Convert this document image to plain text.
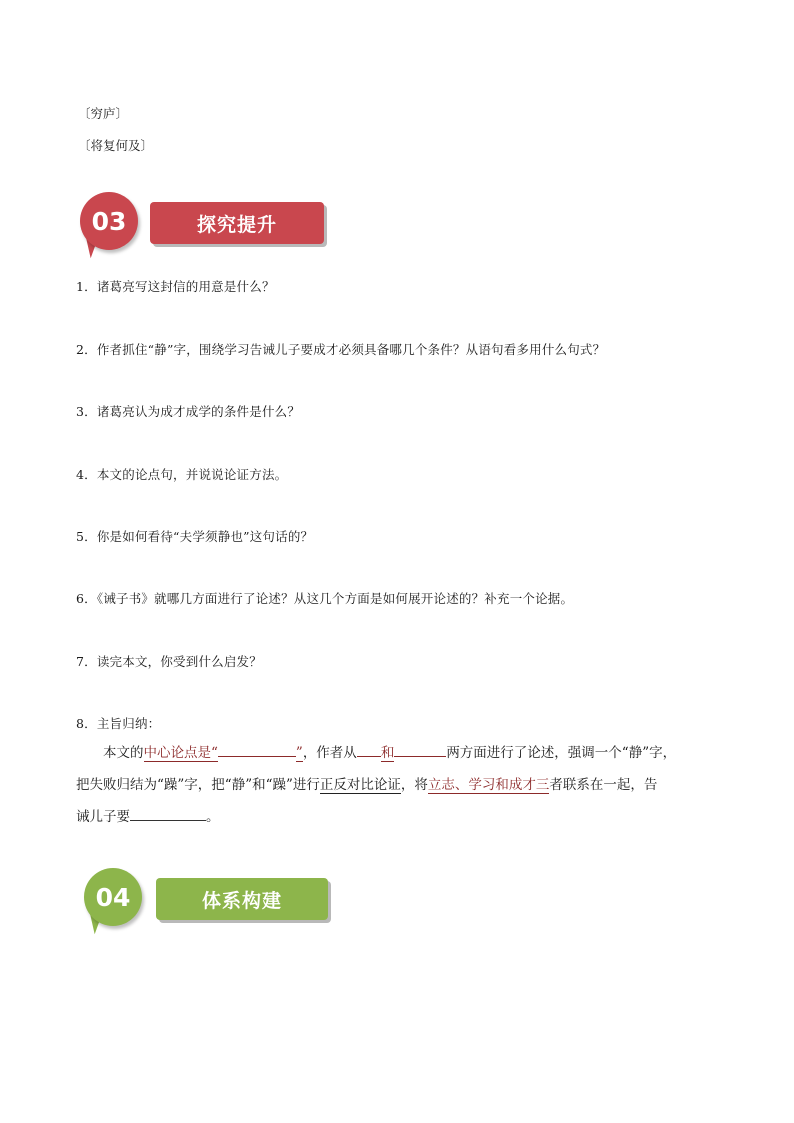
〔穷庐〕
〔将复何及〕
03	探究提升
1．诸葛亮写这封信的用意是什么？
2．作者抓住“静”字，围绕学习告诫儿子要成才必须具备哪几个条件？从语句看多用什么句式？
3．诸葛亮认为成才成学的条件是什么？
4．本文的论点句，并说说论证方法。
5．你是如何看待“夫学须静也”这句话的？
6．《诫子书》就哪几方面进行了论述？从这几个方面是如何展开论述的？补充一个论据。
7．读完本文，你受到什么启发？
8．主旨归纳：
本文的中心论点是“	”，作者从 和	两方面进行了论述，强调一个“静”字，
把失败归结为“躁”字，把“静”和“躁”进行正反对比论证，将立志、学习和成才三者联系在一起，告
诫儿子要	。
04	体系构建
